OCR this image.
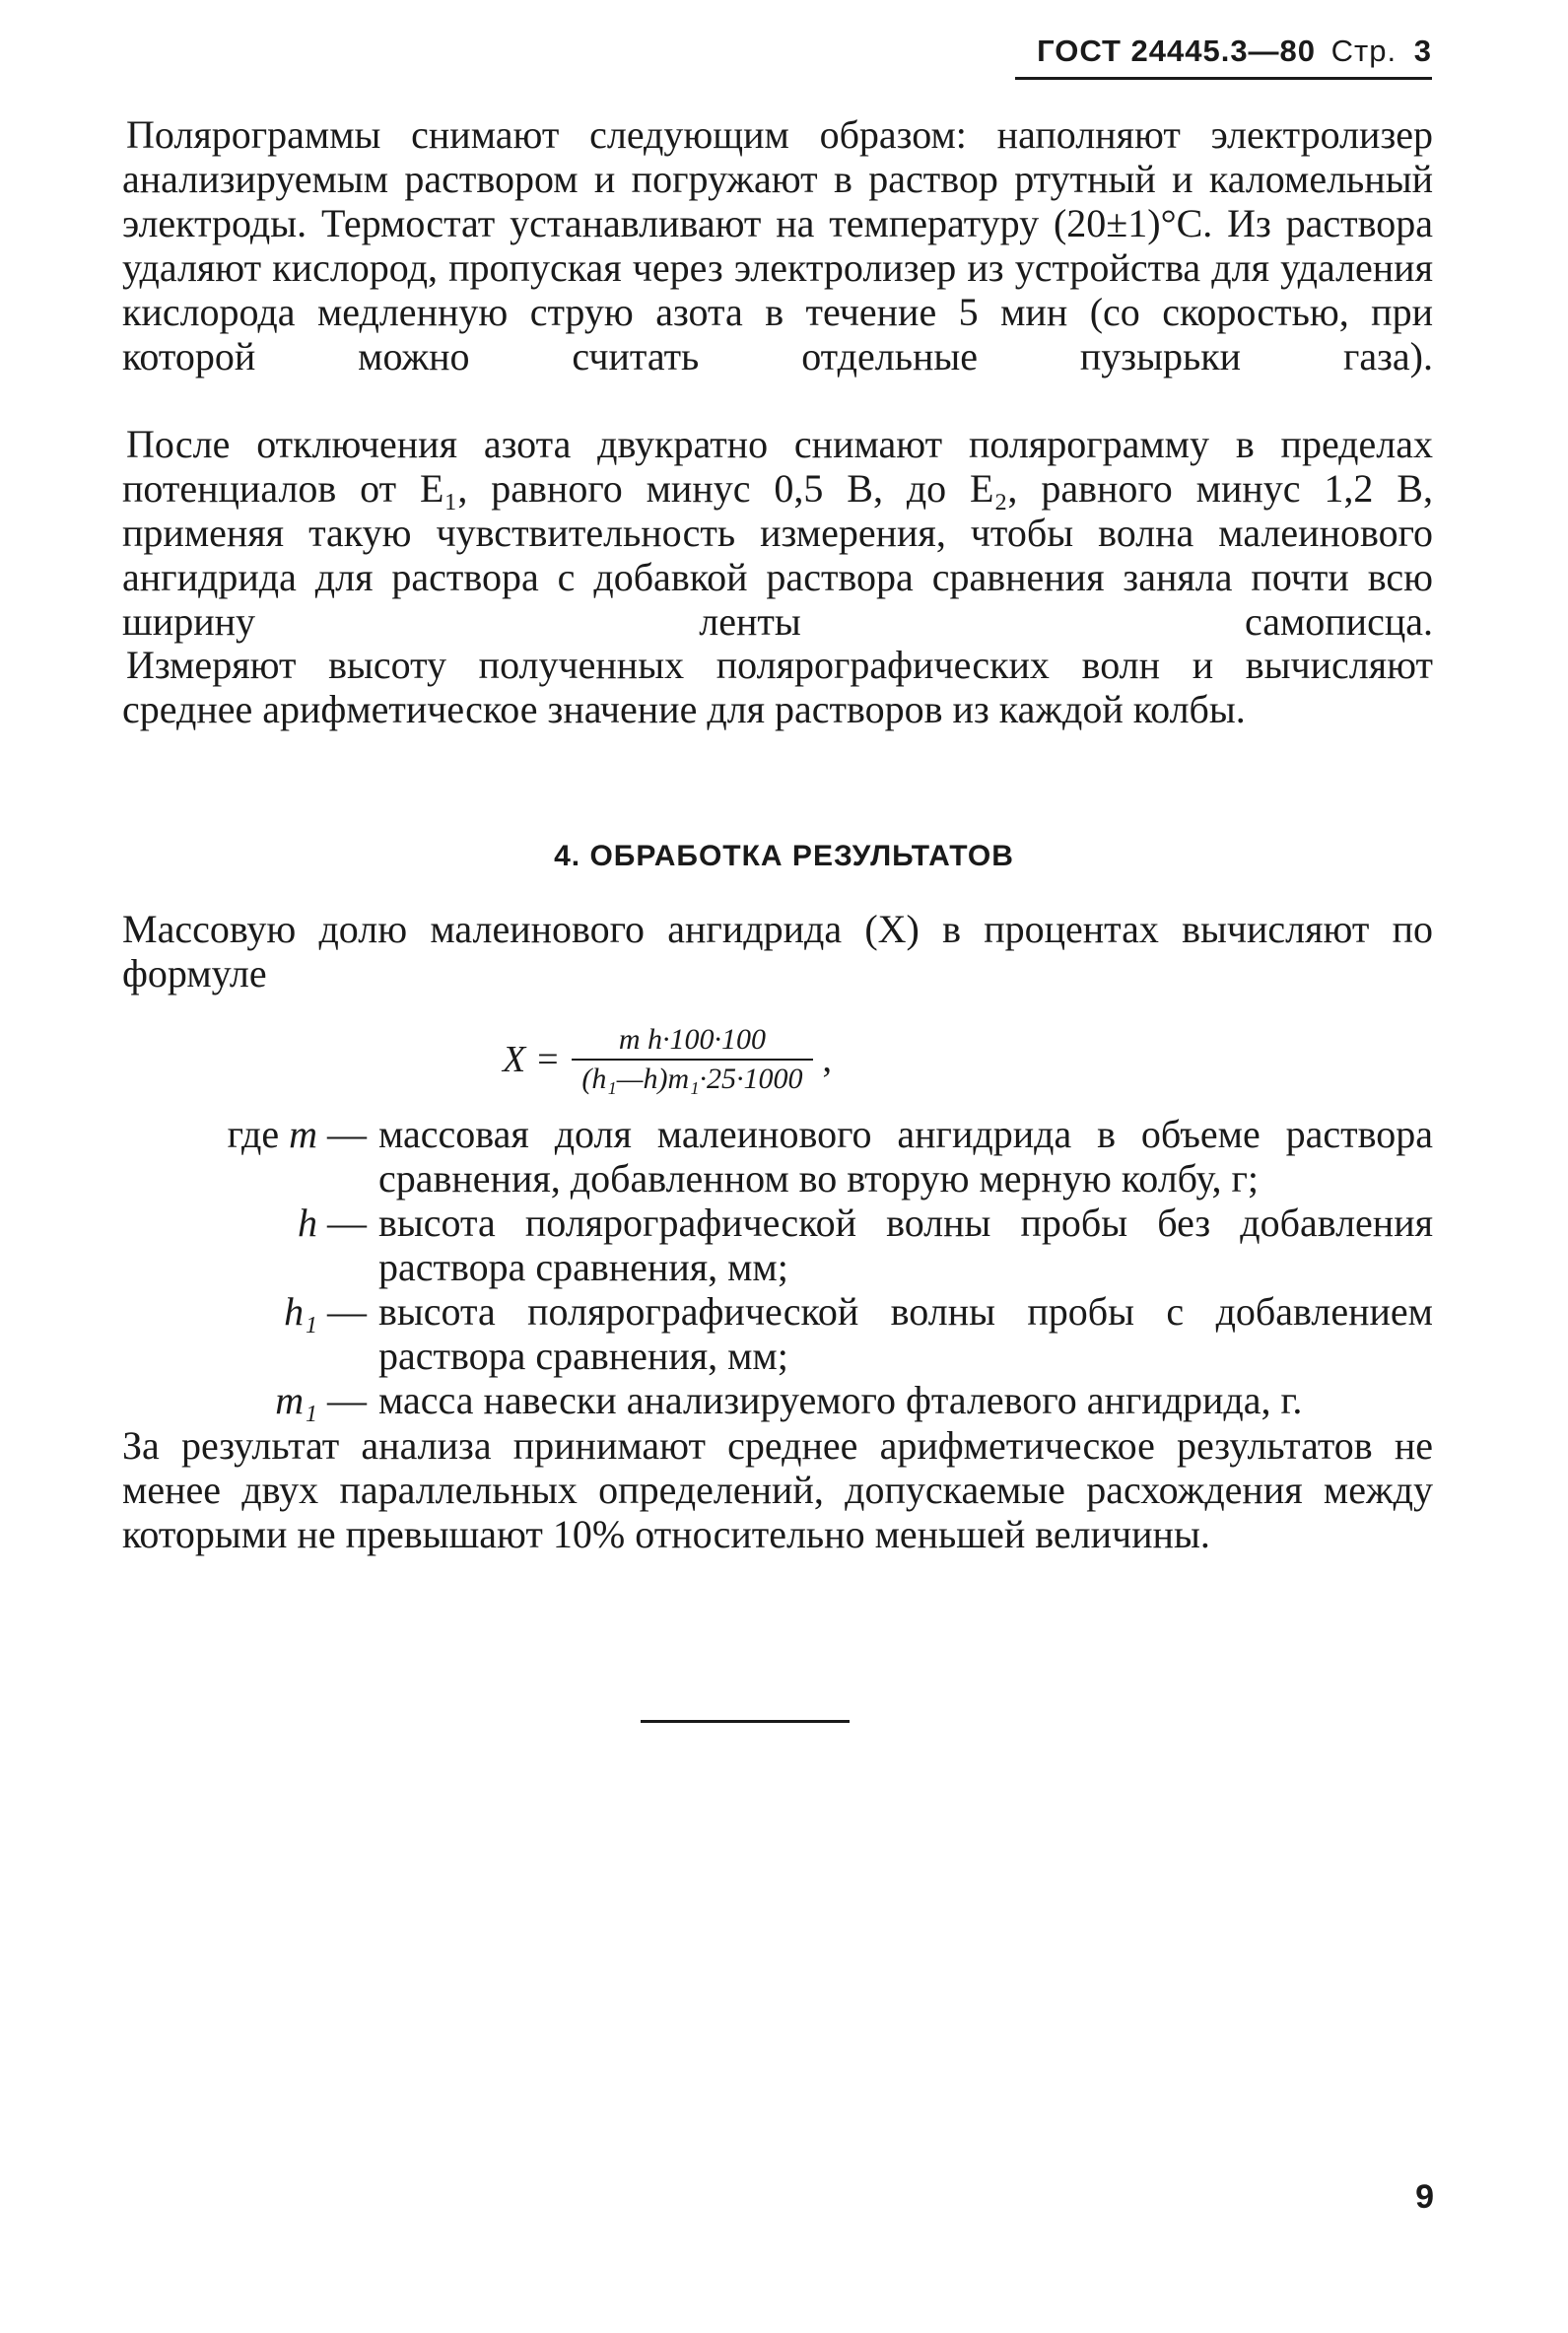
ГОСТ 24445.3—80 Стр. 3
Полярограммы снимают следующим образом: наполняют электролизер анализируемым раствором и погружают в раствор ртутный и каломельный электроды. Термостат устанавливают на температуру (20±1)°С. Из раствора удаляют кислород, пропуская через электролизер из устройства для удаления кислорода медленную струю азота в течение 5 мин (со скоростью, при которой можно считать отдельные пузырьки газа).
После отключения азота двукратно снимают полярограмму в пределах потенциалов от E₁, равного минус 0,5 В, до E₂, равного минус 1,2 В, применяя такую чувствительность измерения, чтобы волна малеинового ангидрида для раствора с добавкой раствора сравнения заняла почти всю ширину ленты самописца.
Измеряют высоту полученных полярографических волн и вычисляют среднее арифметическое значение для растворов из каждой колбы.
4. ОБРАБОТКА РЕЗУЛЬТАТОВ
Массовую долю малеинового ангидрида (X) в процентах вычисляют по формуле
$X = \frac{\text{m h·100·100}}{\text{(h₁—h)m₁·25·1000}}$ ,
где m — массовая доля малеинового ангидрида в объеме раствора сравнения, добавленном во вторую мерную колбу, г;
h — высота полярографической волны пробы без добавления раствора сравнения, мм;
h₁ — высота полярографической волны пробы с добавлением раствора сравнения, мм;
m₁ — масса навески анализируемого фталевого ангидрида, г.
За результат анализа принимают среднее арифметическое результатов не менее двух параллельных определений, допускаемые расхождения между которыми не превышают 10% относительно меньшей величины.
9
